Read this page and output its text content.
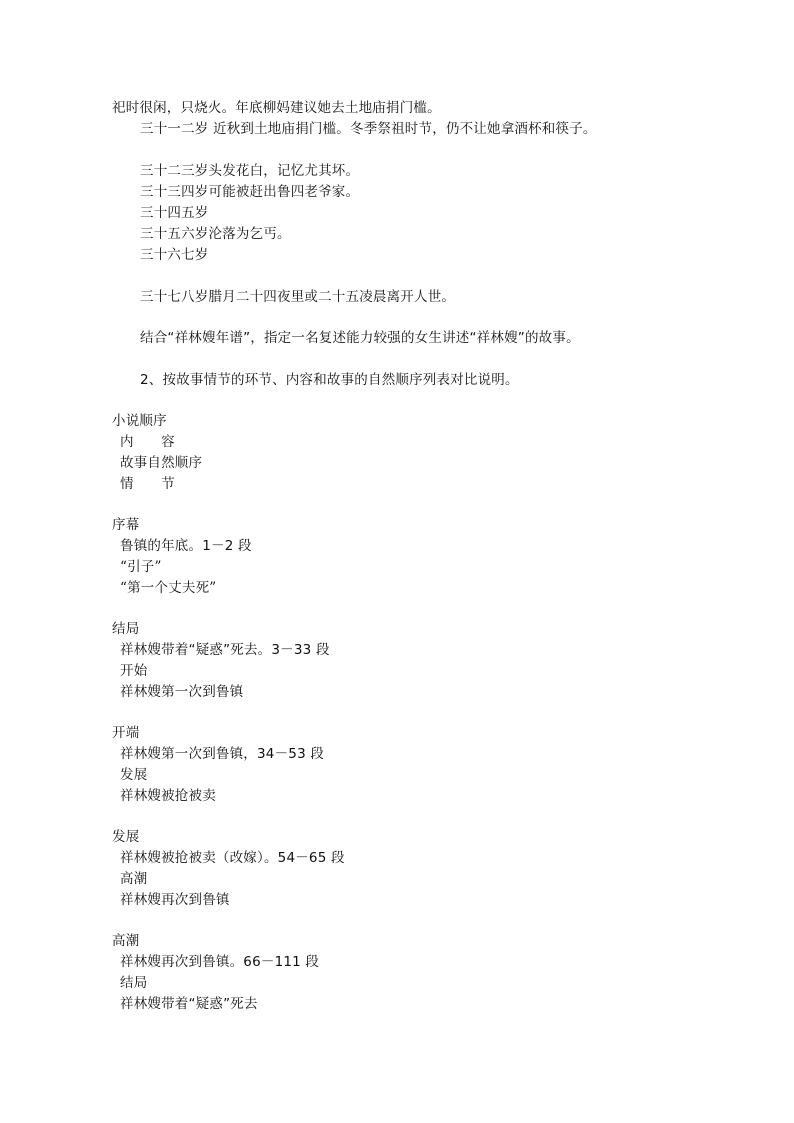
祀时很闲，只烧火。年底柳妈建议她去土地庙捐门槛。
三十一二岁 近秋到土地庙捐门槛。冬季祭祖时节，仍不让她拿酒杯和筷子。
三十二三岁头发花白，记忆尤其坏。
三十三四岁可能被赶出鲁四老爷家。
三十四五岁
三十五六岁沦落为乞丐。
三十六七岁
三十七八岁腊月二十四夜里或二十五凌晨离开人世。
结合“祥林嫂年谱”，指定一名复述能力较强的女生讲述“祥林嫂”的故事。
2、按故事情节的环节、内容和故事的自然顺序列表对比说明。
小说顺序
内　　容
故事自然顺序
情　　节
序幕
鲁镇的年底。1－2 段
“引子”
“第一个丈夫死”
结局
祥林嫂带着“疑惑”死去。3－33 段
开始
祥林嫂第一次到鲁镇
开端
祥林嫂第一次到鲁镇，34－53 段
发展
祥林嫂被抢被卖
发展
祥林嫂被抢被卖（改嫁）。54－65 段
高潮
祥林嫂再次到鲁镇
高潮
祥林嫂再次到鲁镇。66－111 段
结局
祥林嫂带着“疑惑”死去
